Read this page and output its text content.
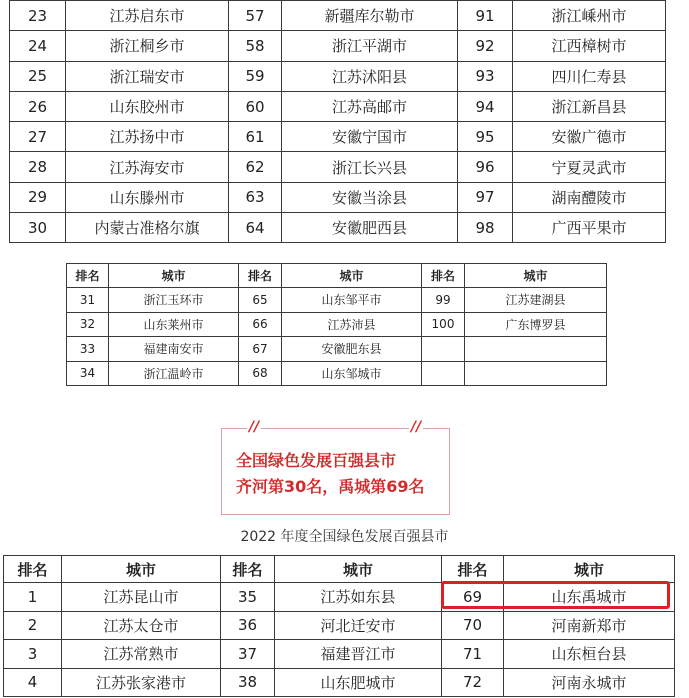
23	江苏启东市	57	新疆库尔勒市	91	浙江嵊州市
24	浙江桐乡市	58	浙江平湖市	92	江西樟树市
25	浙江瑞安市	59	江苏沭阳县	93	四川仁寿县
26	山东胶州市	60	江苏高邮市	94	浙江新昌县
27	江苏扬中市	61	安徽宁国市	95	安徽广德市
28	江苏海安市	62	浙江长兴县	96	宁夏灵武市
29	山东滕州市	63	安徽当涂县	97	湖南醴陵市
30	内蒙古准格尔旗	64	安徽肥西县	98	广西平果市
排名	城市	排名	城市	排名	城市
31	浙江玉环市	65	山东邹平市	99	江苏建湖县
32	山东莱州市	66	江苏沛县	100	广东博罗县
33	福建南安市	67	安徽肥东县		
34	浙江温岭市	68	山东邹城市		
//	//
全国绿色发展百强县市
齐河第30名，禹城第69名
2022 年度全国绿色发展百强县市
排名	城市	排名	城市	排名	城市
1	江苏昆山市	35	江苏如东县	69	山东禹城市
2	江苏太仓市	36	河北迁安市	70	河南新郑市
3	江苏常熟市	37	福建晋江市	71	山东桓台县
4	江苏张家港市	38	山东肥城市	72	河南永城市
